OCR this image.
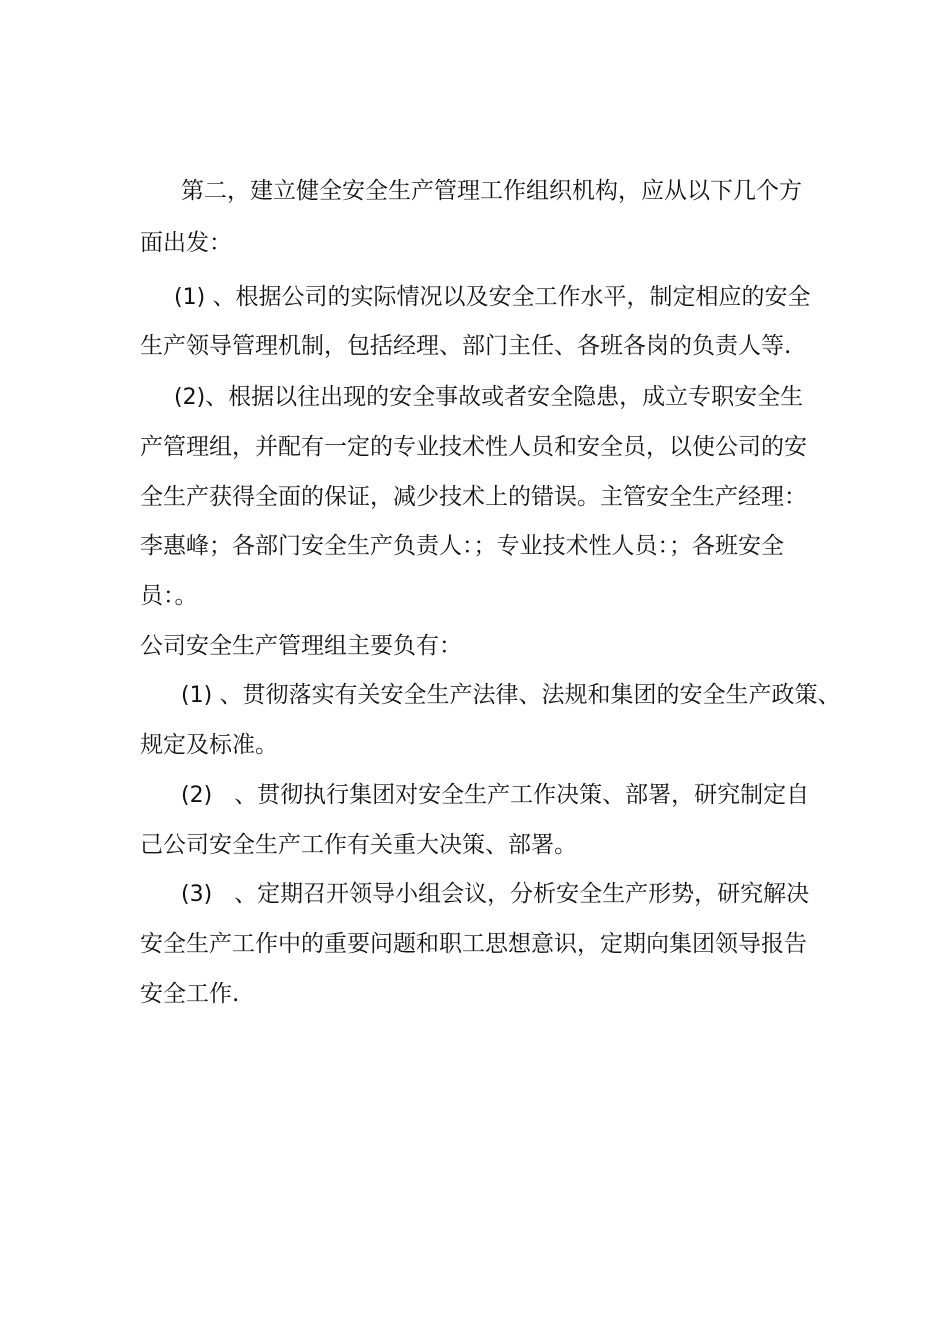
第二，建立健全安全生产管理工作组织机构，应从以下几个方

面出发：

(1) 、根据公司的实际情况以及安全工作水平，制定相应的安全

生产领导管理机制，包括经理、部门主任、各班各岗的负责人等.

(2)、根据以往出现的安全事故或者安全隐患，成立专职安全生

产管理组，并配有一定的专业技术性人员和安全员，以使公司的安

全生产获得全面的保证，减少技术上的错误。主管安全生产经理：

李惠峰；各部门安全生产负责人：；专业技术性人员：；各班安全

员：。

公司安全生产管理组主要负有：

(1) 、贯彻落实有关安全生产法律、法规和集团的安全生产政策、

规定及标准。

(2) 、贯彻执行集团对安全生产工作决策、部署，研究制定自

己公司安全生产工作有关重大决策、部署。

(3) 、定期召开领导小组会议，分析安全生产形势，研究解决

安全生产工作中的重要问题和职工思想意识，定期向集团领导报告

安全工作.
